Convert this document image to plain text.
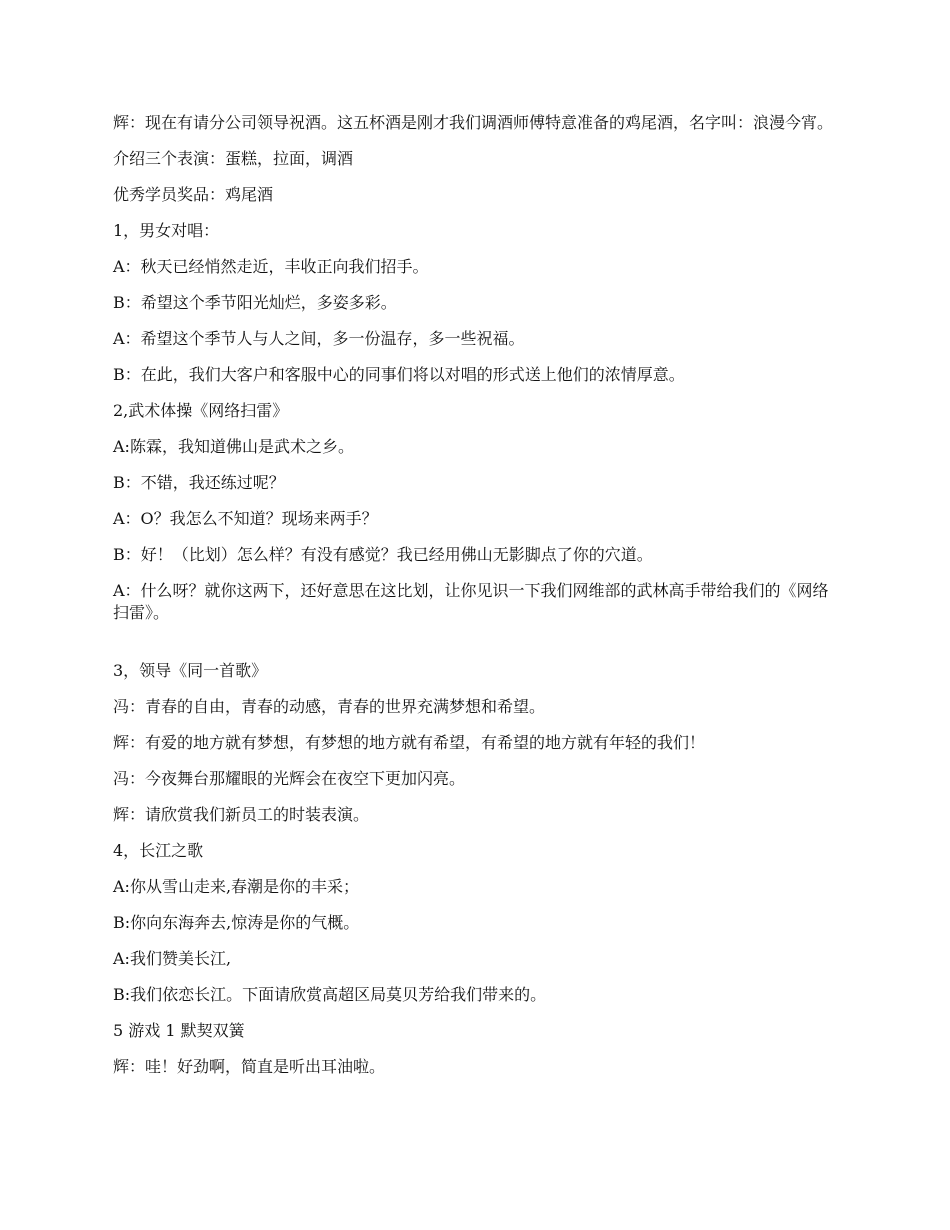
辉：现在有请分公司领导祝酒。这五杯酒是刚才我们调酒师傅特意准备的鸡尾酒，名字叫：浪漫今宵。

介绍三个表演：蛋糕，拉面，调酒

优秀学员奖品：鸡尾酒

1，男女对唱：

A：秋天已经悄然走近，丰收正向我们招手。

B：希望这个季节阳光灿烂，多姿多彩。

A：希望这个季节人与人之间，多一份温存，多一些祝福。

B：在此，我们大客户和客服中心的同事们将以对唱的形式送上他们的浓情厚意。

2,武术体操《网络扫雷》

A:陈霖，我知道佛山是武术之乡。

B：不错，我还练过呢？

A：O？我怎么不知道？现场来两手？

B：好！（比划）怎么样？有没有感觉？我已经用佛山无影脚点了你的穴道。

A：什么呀？就你这两下，还好意思在这比划，让你见识一下我们网维部的武林高手带给我们的《网络扫雷》。

3，领导《同一首歌》

冯：青春的自由，青春的动感，青春的世界充满梦想和希望。

辉：有爱的地方就有梦想，有梦想的地方就有希望，有希望的地方就有年轻的我们！

冯：今夜舞台那耀眼的光辉会在夜空下更加闪亮。

辉：请欣赏我们新员工的时装表演。

4，长江之歌

A:你从雪山走来,春潮是你的丰采；

B:你向东海奔去,惊涛是你的气概。

A:我们赞美长江,

B:我们依恋长江。下面请欣赏高超区局莫贝芳给我们带来的。

5 游戏 1 默契双簧

辉：哇！好劲啊，简直是听出耳油啦。
